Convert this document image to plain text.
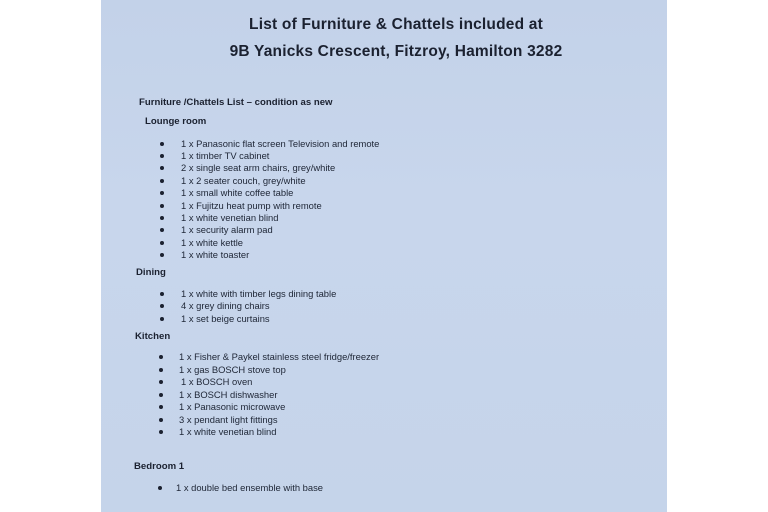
List of Furniture & Chattels included at
9B Yanicks Crescent, Fitzroy, Hamilton 3282
Furniture /Chattels List – condition as new
Lounge room
1 x Panasonic flat screen Television and remote
1 x timber TV cabinet
2 x single seat arm chairs, grey/white
1 x 2 seater couch, grey/white
1 x small white coffee table
1 x Fujitzu heat pump with remote
1 x white venetian blind
1 x security alarm pad
1 x white kettle
1 x white toaster
Dining
1 x white with timber legs dining table
4 x grey dining chairs
1 x set beige curtains
Kitchen
1 x Fisher & Paykel stainless steel fridge/freezer
1 x gas BOSCH stove top
1 x BOSCH oven
1 x BOSCH dishwasher
1 x Panasonic microwave
3 x pendant light fittings
1 x white venetian blind
Bedroom 1
1 x double bed ensemble with base
